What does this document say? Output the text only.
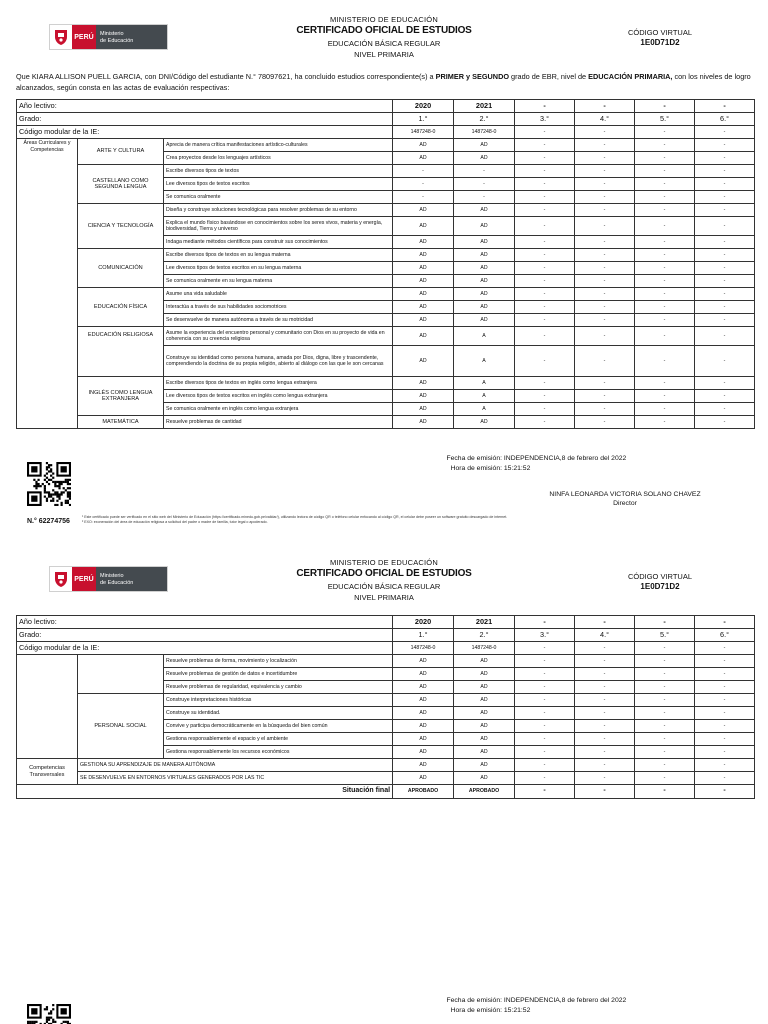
PERÚ	Ministerio
de Educación
MINISTERIO DE EDUCACIÓN
CERTIFICADO OFICIAL DE ESTUDIOS
EDUCACIÓN BÁSICA REGULAR
NIVEL PRIMARIA
CÓDIGO VIRTUAL
1E0D71D2
Que KIARA ALLISON PUELL GARCIA, con DNI/Código del estudiante N.° 78097621, ha concluido estudios correspondiente(s) a PRIMER y SEGUNDO grado de EBR, nivel de EDUCACIÓN PRIMARIA, con los niveles de logro alcanzados, según consta en las actas de evaluación respectivas:
Año lectivo:			2020	2021	-	-	-	-
Grado:			1.°	2.°	3.°	4.°	5.°	6.°
Código modular de la IE:			1487248-0	1487248-0	-	-	-	-
Áreas Curriculares y Competencias	ARTE Y CULTURA	Aprecia de manera crítica manifestaciones artístico-culturales	AD	AD	-	-	-	-
		Crea proyectos desde los lenguajes artísticos	AD	AD	-	-	-	-
	CASTELLANO COMO SEGUNDA LENGUA	Escribe diversos tipos de textos	-	-	-	-	-	-
		Lee diversos tipos de textos escritos	-	-	-	-	-	-
		Se comunica oralmente	-	-	-	-	-	-
	CIENCIA Y TECNOLOGÍA	Diseña y construye soluciones tecnológicas para resolver problemas de su entorno	AD	AD	-	-	-	-
		Explica el mundo físico basándose en conocimientos sobre los seres vivos, materia y energía, biodiversidad, Tierra y universo	AD	AD	-	-	-	-
		Indaga mediante métodos científicos para construir sus conocimientos	AD	AD	-	-	-	-
	COMUNICACIÓN	Escribe diversos tipos de textos en su lengua materna	AD	AD	-	-	-	-
		Lee diversos tipos de textos escritos en su lengua materna	AD	AD	-	-	-	-
		Se comunica oralmente en su lengua materna	AD	AD	-	-	-	-
	EDUCACIÓN FÍSICA	Asume una vida saludable	AD	AD	-	-	-	-
		Interactúa a través de sus habilidades sociomotrices	AD	AD	-	-	-	-
		Se desenvuelve de manera autónoma a través de su motricidad	AD	AD	-	-	-	-
	EDUCACIÓN RELIGIOSA	Asume la experiencia del encuentro personal y comunitario con Dios en su proyecto de vida en coherencia con su creencia religiosa	AD	A	-	-	-	-
		Construye su identidad como persona humana, amada por Dios, digna, libre y trascendente, comprendiendo la doctrina de su propia religión, abierto al diálogo con las que le son cercanas	AD	A	-	-	-	-
	INGLÉS COMO LENGUA EXTRANJERA	Escribe diversos tipos de textos en inglés como lengua extranjera	AD	A	-	-	-	-
		Lee diversos tipos de textos escritos en inglés como lengua extranjera	AD	A	-	-	-	-
		Se comunica oralmente en inglés como lengua extranjera	AD	A	-	-	-	-
	MATEMÁTICA	Resuelve problemas de cantidad	AD	AD	-	-	-	-
N.° 62274756
Fecha de emisión: INDEPENDENCIA,8 de febrero del 2022
Hora de emisión: 15:21:52
NINFA LEONARDA VICTORIA SOLANO CHAVEZ
Director
¹ Este certificado puede ser verificado en el sitio web del Ministerio de Educación (https://certificado.minedu.gob.pe/validar/), utilizando lectora de código QR o teléfono celular enfocando al código QR, el celular debe poseer un software gratuito descargado de internet.
² EXO: exoneración del área de educación religiosa a solicitud del padre o madre de familia, tutor legal o apoderado.
PERÚ	Ministerio
de Educación
MINISTERIO DE EDUCACIÓN
CERTIFICADO OFICIAL DE ESTUDIOS
EDUCACIÓN BÁSICA REGULAR
NIVEL PRIMARIA
CÓDIGO VIRTUAL
1E0D71D2
Año lectivo:			2020	2021	-	-	-	-
Grado:			1.°	2.°	3.°	4.°	5.°	6.°
Código modular de la IE:			1487248-0	1487248-0	-	-	-	-
		Resuelve problemas de forma, movimiento y localización	AD	AD	-	-	-	-
		Resuelve problemas de gestión de datos e incertidumbre	AD	AD	-	-	-	-
		Resuelve problemas de regularidad, equivalencia y cambio	AD	AD	-	-	-	-
	PERSONAL SOCIAL	Construye interpretaciones históricas	AD	AD	-	-	-	-
		Construye su identidad.	AD	AD	-	-	-	-
		Convive y participa democráticamente en la búsqueda del bien común	AD	AD	-	-	-	-
		Gestiona responsablemente el espacio y el ambiente	AD	AD	-	-	-	-
		Gestiona responsablemente los recursos económicos	AD	AD	-	-	-	-
Competencias Transversales	GESTIONA SU APRENDIZAJE DE MANERA AUTÓNOMA		AD	AD	-	-	-	-
	SE DESENVUELVE EN ENTORNOS VIRTUALES GENERADOS POR LAS TIC		AD	AD	-	-	-	-
Situación final			APROBADO	APROBADO	-	-	-	-
Fecha de emisión: INDEPENDENCIA,8 de febrero del 2022
Hora de emisión: 15:21:52
